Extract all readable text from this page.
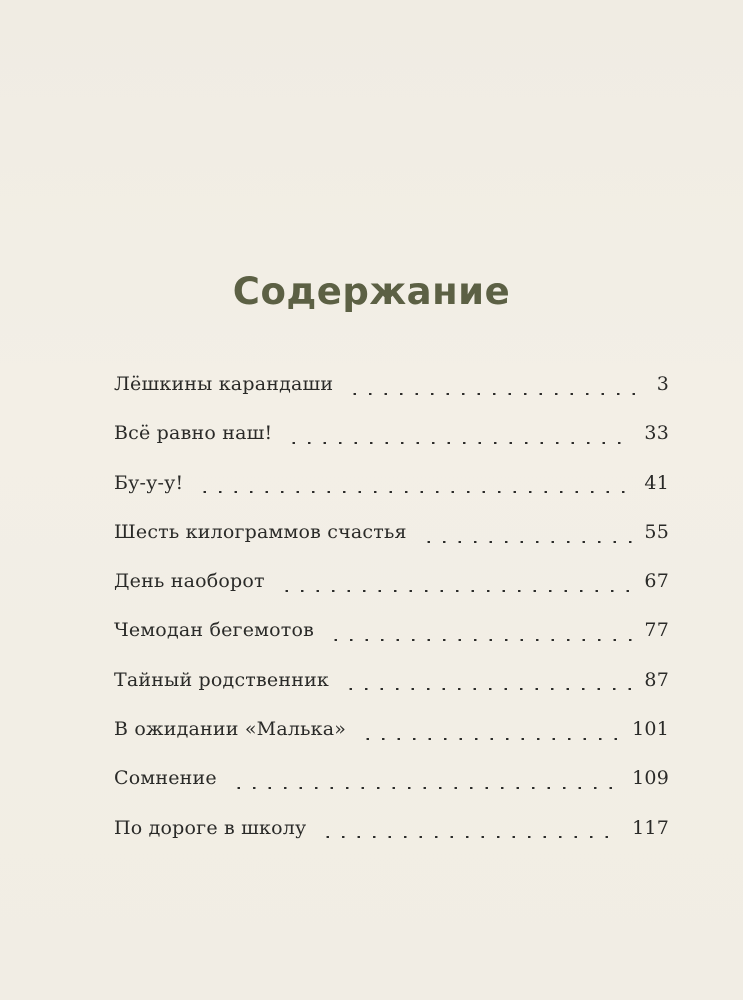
Содержание
Лёшкины карандаши	3
Всё равно наш!	33
Бу-у-у!	41
Шесть килограммов счастья	55
День наоборот	67
Чемодан бегемотов	77
Тайный родственник	87
В ожидании «Малька»	101
Сомнение	109
По дороге в школу	117
